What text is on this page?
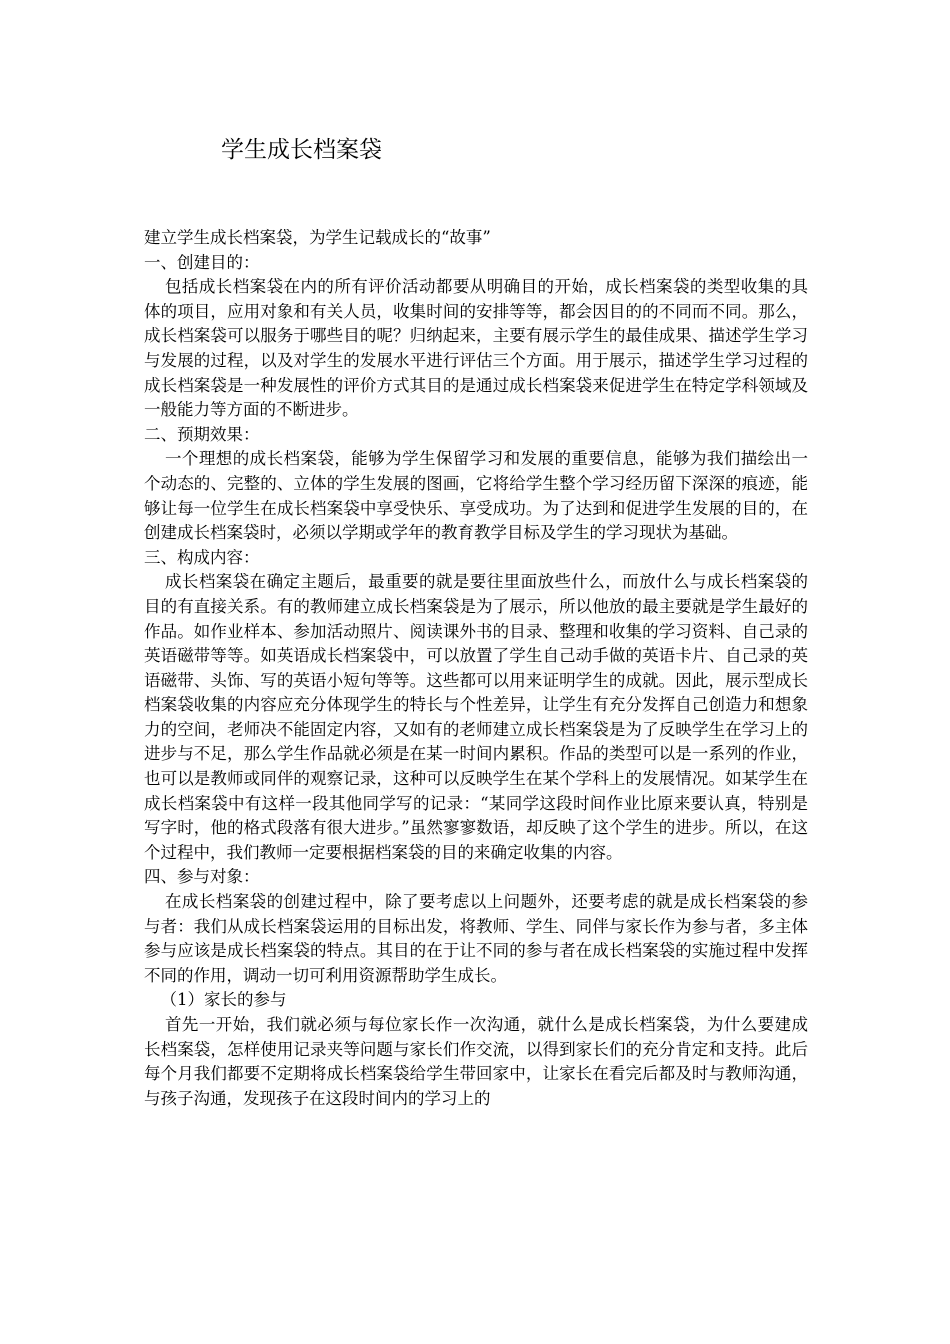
学生成长档案袋

建立学生成长档案袋，为学生记载成长的“故事”

一、创建目的：

包括成长档案袋在内的所有评价活动都要从明确目的开始，成长档案袋的类型收集的具体的项目，应用对象和有关人员，收集时间的安排等等，都会因目的的不同而不同。那么，成长档案袋可以服务于哪些目的呢？归纳起来，主要有展示学生的最佳成果、描述学生学习与发展的过程，以及对学生的发展水平进行评估三个方面。用于展示，描述学生学习过程的成长档案袋是一种发展性的评价方式其目的是通过成长档案袋来促进学生在特定学科领域及一般能力等方面的不断进步。

二、预期效果：

一个理想的成长档案袋，能够为学生保留学习和发展的重要信息，能够为我们描绘出一个动态的、完整的、立体的学生发展的图画，它将给学生整个学习经历留下深深的痕迹，能够让每一位学生在成长档案袋中享受快乐、享受成功。为了达到和促进学生发展的目的，在创建成长档案袋时，必须以学期或学年的教育教学目标及学生的学习现状为基础。

三、构成内容：

成长档案袋在确定主题后，最重要的就是要往里面放些什么，而放什么与成长档案袋的目的有直接关系。有的教师建立成长档案袋是为了展示，所以他放的最主要就是学生最好的作品。如作业样本、参加活动照片、阅读课外书的目录、整理和收集的学习资料、自己录的英语磁带等等。如英语成长档案袋中，可以放置了学生自己动手做的英语卡片、自己录的英语磁带、头饰、写的英语小短句等等。这些都可以用来证明学生的成就。因此，展示型成长档案袋收集的内容应充分体现学生的特长与个性差异，让学生有充分发挥自己创造力和想象力的空间，老师决不能固定内容，又如有的老师建立成长档案袋是为了反映学生在学习上的进步与不足，那么学生作品就必须是在某一时间内累积。作品的类型可以是一系列的作业，也可以是教师或同伴的观察记录，这种可以反映学生在某个学科上的发展情况。如某学生在成长档案袋中有这样一段其他同学写的记录：“某同学这段时间作业比原来要认真，特别是写字时，他的格式段落有很大进步。”虽然寥寥数语，却反映了这个学生的进步。所以，在这个过程中，我们教师一定要根据档案袋的目的来确定收集的内容。

四、参与对象：

在成长档案袋的创建过程中，除了要考虑以上问题外，还要考虑的就是成长档案袋的参与者：我们从成长档案袋运用的目标出发，将教师、学生、同伴与家长作为参与者，多主体参与应该是成长档案袋的特点。其目的在于让不同的参与者在成长档案袋的实施过程中发挥不同的作用，调动一切可利用资源帮助学生成长。

（1）家长的参与

首先一开始，我们就必须与每位家长作一次沟通，就什么是成长档案袋，为什么要建成长档案袋，怎样使用记录夹等问题与家长们作交流，以得到家长们的充分肯定和支持。此后每个月我们都要不定期将成长档案袋给学生带回家中，让家长在看完后都及时与教师沟通，与孩子沟通，发现孩子在这段时间内的学习上的
